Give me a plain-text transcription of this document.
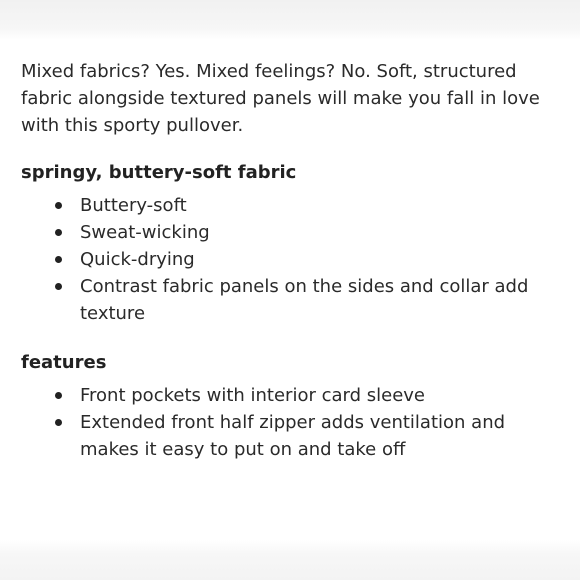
Mixed fabrics? Yes. Mixed feelings? No. Soft, structured fabric alongside textured panels will make you fall in love with this sporty pullover.

springy, buttery-soft fabric
Buttery-soft
Sweat-wicking
Quick-drying
Contrast fabric panels on the sides and collar add texture
features
Front pockets with interior card sleeve
Extended front half zipper adds ventilation and makes it easy to put on and take off
